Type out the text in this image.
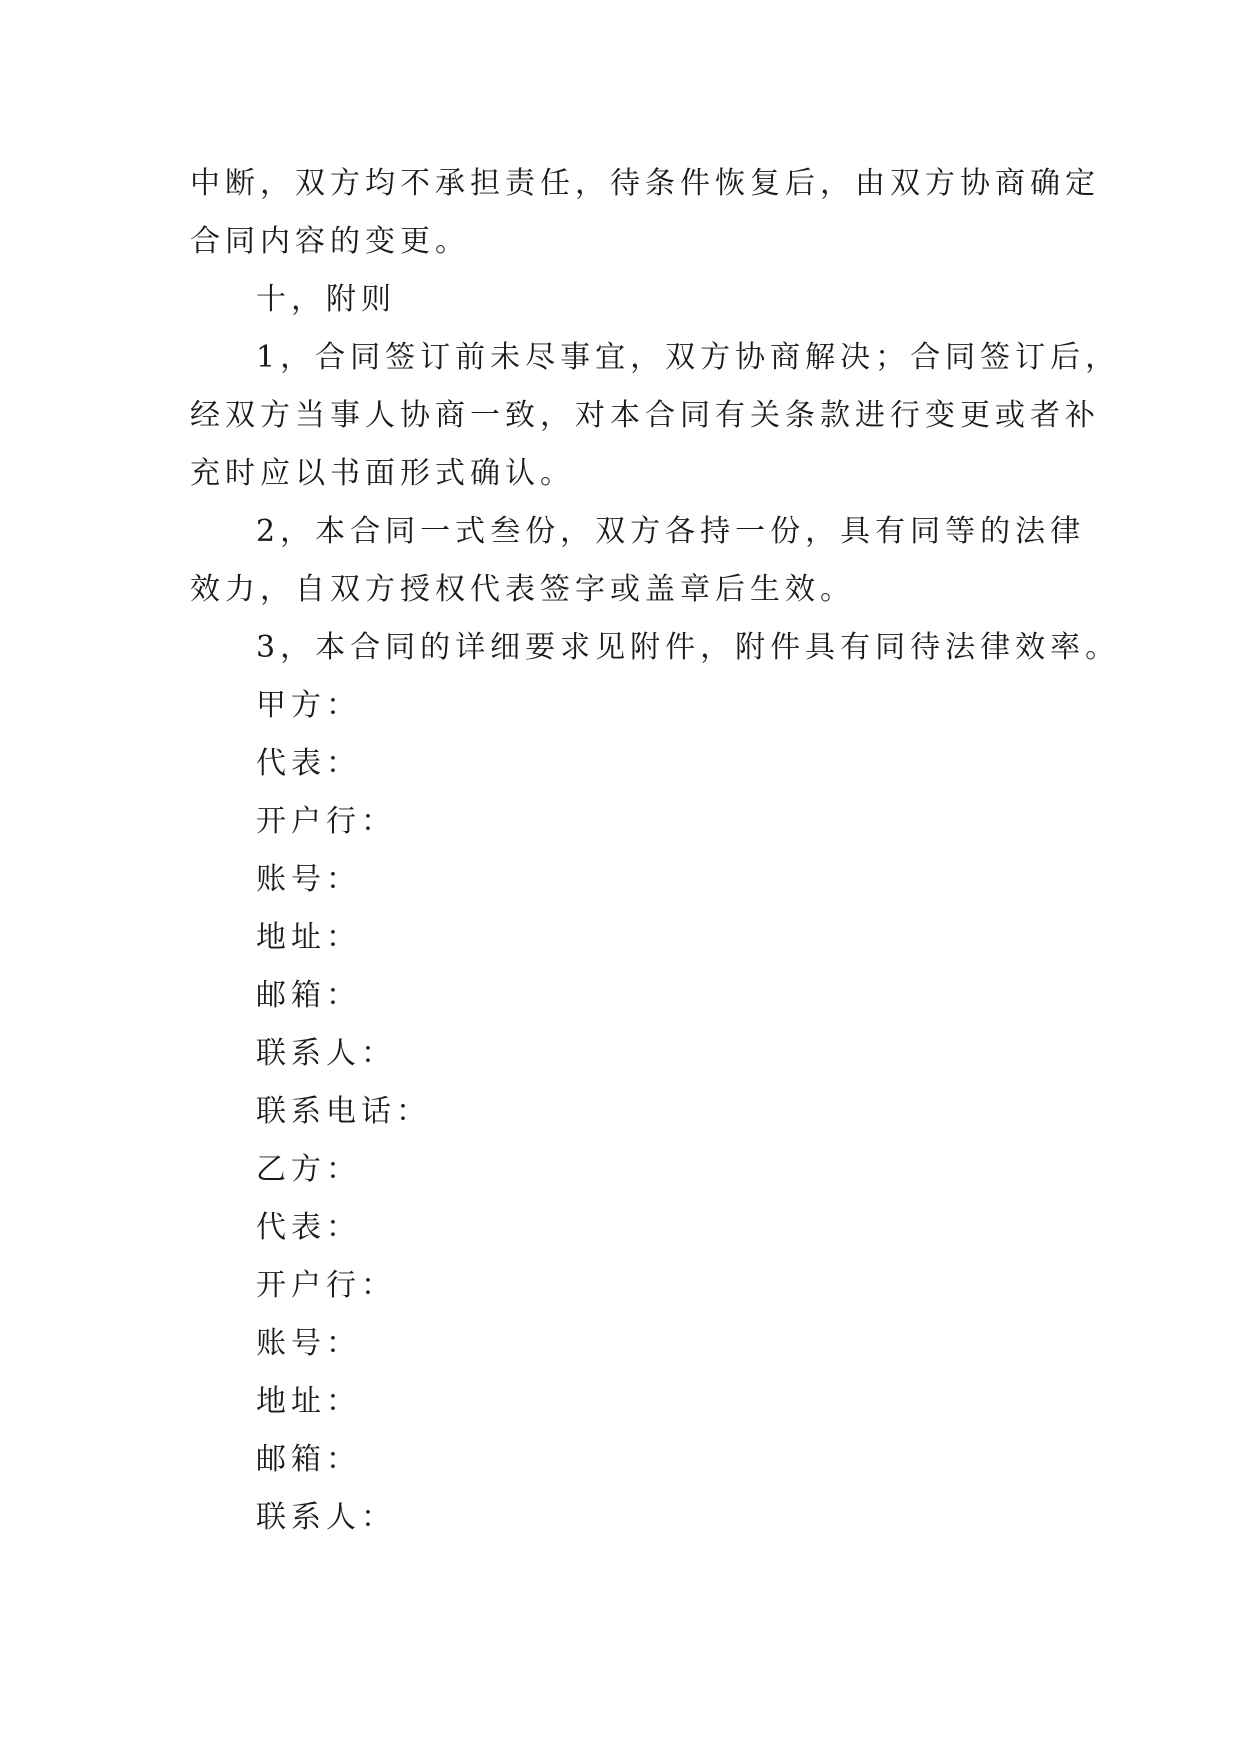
中断，双方均不承担责任，待条件恢复后，由双方协商确定
合同内容的变更。
十，附则
1，合同签订前未尽事宜，双方协商解决；合同签订后，
经双方当事人协商一致，对本合同有关条款进行变更或者补
充时应以书面形式确认。
2，本合同一式叁份，双方各持一份，具有同等的法律
效力，自双方授权代表签字或盖章后生效。
3，本合同的详细要求见附件，附件具有同待法律效率。
甲方：
代表：
开户行：
账号：
地址：
邮箱：
联系人：
联系电话：
乙方：
代表：
开户行：
账号：
地址：
邮箱：
联系人：
